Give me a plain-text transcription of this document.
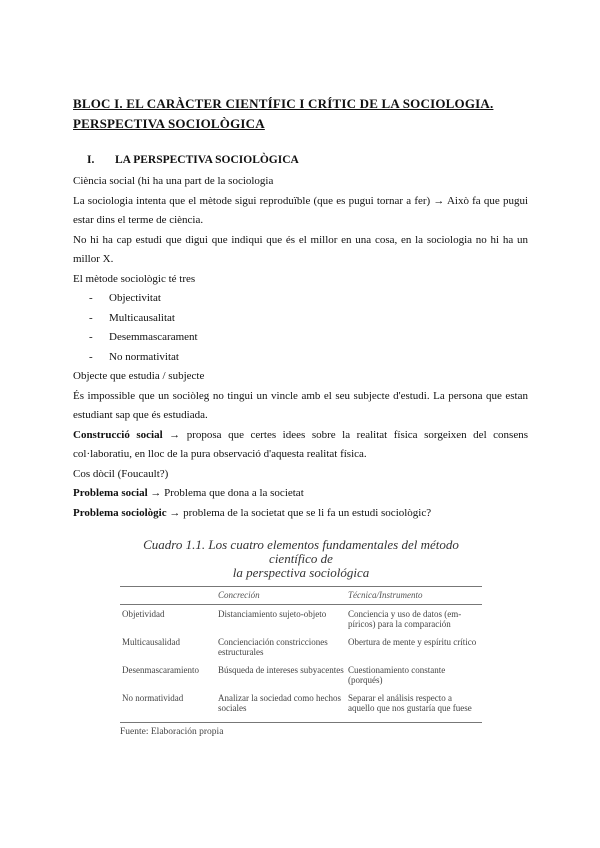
BLOC I. EL CARÀCTER CIENTÍFIC I CRÍTIC DE LA SOCIOLOGIA.
PERSPECTIVA SOCIOLÒGICA
I.	LA PERSPECTIVA SOCIOLÒGICA

Ciència social (hi ha una part de la sociologia

La sociologia intenta que el mètode sigui reproduïble (que es pugui tornar a fer) → Això fa que pugui estar dins el terme de ciència.

No hi ha cap estudi que digui que indiqui que és el millor en una cosa, en la sociologia no hi ha un millor X.

El mètode sociològic té tres

-	Objectivitat
-	Multicausalitat
-	Desemmascarament
-	No normativitat

Objecte que estudia / subjecte

És impossible que un sociòleg no tingui un vincle amb el seu subjecte d'estudi. La persona que estan estudiant sap que és estudiada.

Construcció social → proposa que certes idees sobre la realitat física sorgeixen del consens col·laboratiu, en lloc de la pura observació d'aquesta realitat física.

Cos dòcil (Foucault?)

Problema social → Problema que dona a la societat

Problema sociològic → problema de la societat que se li fa un estudi sociològic?

Cuadro 1.1. Los cuatro elementos fundamentales del método científico de
la perspectiva sociológica
	Concreción	Técnica/Instrumento
Objetividad	Distanciamiento sujeto-objeto	Conciencia y uso de datos (empíricos) para la comparación
Multicausalidad	Concienciación constricciones estructurales	Obertura de mente y espíritu crítico
Desenmascaramiento	Búsqueda de intereses subyacentes	Cuestionamiento constante (porqués)
No normatividad	Analizar la sociedad como hechos sociales	Separar el análisis respecto a aquello que nos gustaría que fuese
Fuente: Elaboración propia
